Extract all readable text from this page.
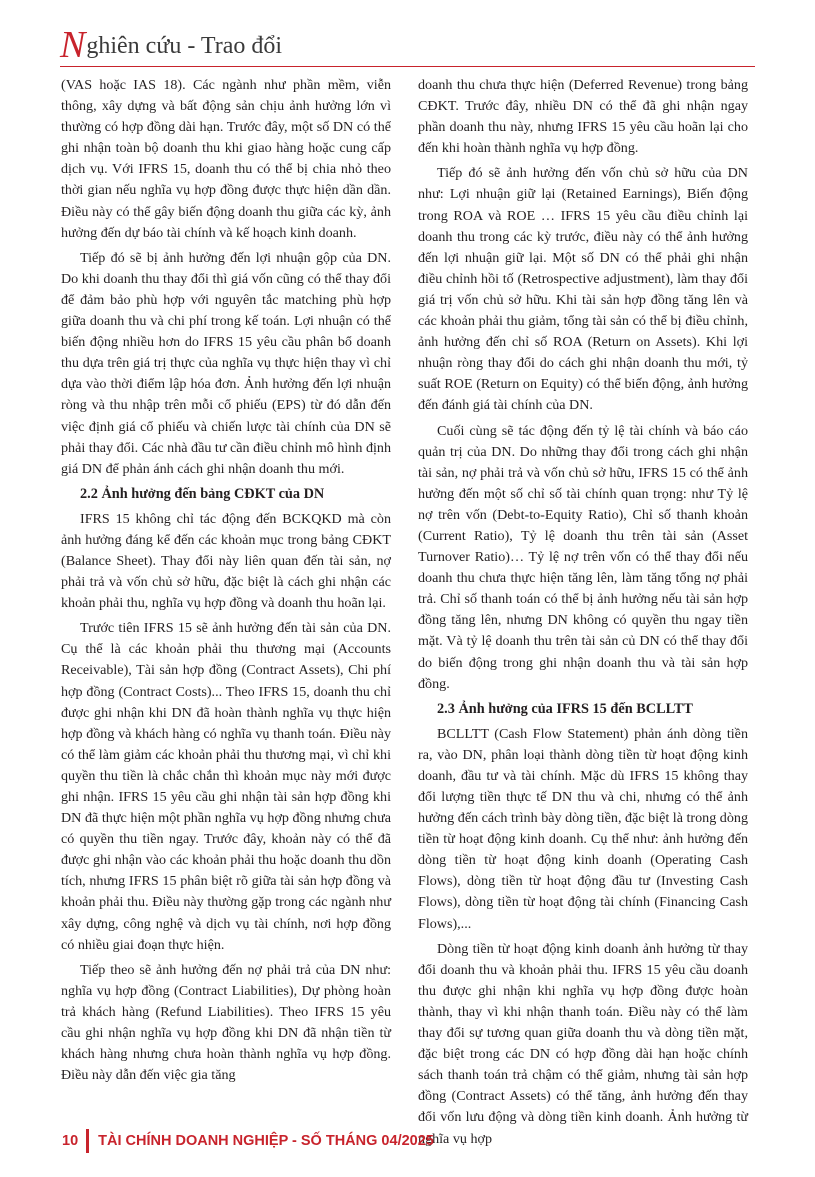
Nghiên cứu - Trao đổi

(VAS hoặc IAS 18). Các ngành như phần mềm, viễn thông, xây dựng và bất động sản chịu ảnh hưởng lớn vì thường có hợp đồng dài hạn. Trước đây, một số DN có thể ghi nhận toàn bộ doanh thu khi giao hàng hoặc cung cấp dịch vụ. Với IFRS 15, doanh thu có thể bị chia nhỏ theo thời gian nếu nghĩa vụ hợp đồng được thực hiện dần dần. Điều này có thể gây biến động doanh thu giữa các kỳ, ảnh hưởng đến dự báo tài chính và kế hoạch kinh doanh.

Tiếp đó sẽ bị ảnh hưởng đến lợi nhuận gộp của DN. Do khi doanh thu thay đổi thì giá vốn cũng có thể thay đổi để đảm bảo phù hợp với nguyên tắc matching phù hợp giữa doanh thu và chi phí trong kế toán. Lợi nhuận có thể biến động nhiều hơn do IFRS 15 yêu cầu phân bổ doanh thu dựa trên giá trị thực của nghĩa vụ thực hiện thay vì chỉ dựa vào thời điểm lập hóa đơn. Ảnh hưởng đến lợi nhuận ròng và thu nhập trên mỗi cổ phiếu (EPS) từ đó dẫn đến việc định giá cổ phiếu và chiến lược tài chính của DN sẽ phải thay đổi. Các nhà đầu tư cần điều chỉnh mô hình định giá DN để phản ánh cách ghi nhận doanh thu mới.

2.2 Ảnh hưởng đến bảng CĐKT của DN

IFRS 15 không chỉ tác động đến BCKQKD mà còn ảnh hưởng đáng kể đến các khoản mục trong bảng CĐKT (Balance Sheet). Thay đổi này liên quan đến tài sản, nợ phải trả và vốn chủ sở hữu, đặc biệt là cách ghi nhận các khoản phải thu, nghĩa vụ hợp đồng và doanh thu hoãn lại.

Trước tiên IFRS 15 sẽ ảnh hưởng đến tài sản của DN. Cụ thể là các khoản phải thu thương mại (Accounts Receivable), Tài sản hợp đồng (Contract Assets), Chi phí hợp đồng (Contract Costs)... Theo IFRS 15, doanh thu chỉ được ghi nhận khi DN đã hoàn thành nghĩa vụ thực hiện hợp đồng và khách hàng có nghĩa vụ thanh toán. Điều này có thể làm giảm các khoản phải thu thương mại, vì chỉ khi quyền thu tiền là chắc chắn thì khoản mục này mới được ghi nhận. IFRS 15 yêu cầu ghi nhận tài sản hợp đồng khi DN đã thực hiện một phần nghĩa vụ hợp đồng nhưng chưa có quyền thu tiền ngay. Trước đây, khoản này có thể đã được ghi nhận vào các khoản phải thu hoặc doanh thu dồn tích, nhưng IFRS 15 phân biệt rõ giữa tài sản hợp đồng và khoản phải thu. Điều này thường gặp trong các ngành như xây dựng, công nghệ và dịch vụ tài chính, nơi hợp đồng có nhiều giai đoạn thực hiện.

Tiếp theo sẽ ảnh hưởng đến nợ phải trả của DN như: nghĩa vụ hợp đồng (Contract Liabilities), Dự phòng hoàn trả khách hàng (Refund Liabilities). Theo IFRS 15 yêu cầu ghi nhận nghĩa vụ hợp đồng khi DN đã nhận tiền từ khách hàng nhưng chưa hoàn thành nghĩa vụ hợp đồng. Điều này dẫn đến việc gia tăng

doanh thu chưa thực hiện (Deferred Revenue) trong bảng CĐKT. Trước đây, nhiều DN có thể đã ghi nhận ngay phần doanh thu này, nhưng IFRS 15 yêu cầu hoãn lại cho đến khi hoàn thành nghĩa vụ hợp đồng.

Tiếp đó sẽ ảnh hưởng đến vốn chủ sở hữu của DN như: Lợi nhuận giữ lại (Retained Earnings), Biến động trong ROA và ROE … IFRS 15 yêu cầu điều chỉnh lại doanh thu trong các kỳ trước, điều này có thể ảnh hưởng đến lợi nhuận giữ lại. Một số DN có thể phải ghi nhận điều chỉnh hồi tố (Retrospective adjustment), làm thay đổi giá trị vốn chủ sở hữu. Khi tài sản hợp đồng tăng lên và các khoản phải thu giảm, tổng tài sản có thể bị điều chỉnh, ảnh hưởng đến chỉ số ROA (Return on Assets). Khi lợi nhuận ròng thay đổi do cách ghi nhận doanh thu mới, tỷ suất ROE (Return on Equity) có thể biến động, ảnh hưởng đến đánh giá tài chính của DN.

Cuối cùng sẽ tác động đến tỷ lệ tài chính và báo cáo quản trị của DN. Do những thay đổi trong cách ghi nhận tài sản, nợ phải trả và vốn chủ sở hữu, IFRS 15 có thể ảnh hưởng đến một số chỉ số tài chính quan trọng: như Tỷ lệ nợ trên vốn (Debt-to-Equity Ratio), Chỉ số thanh khoản (Current Ratio), Tỷ lệ doanh thu trên tài sản (Asset Turnover Ratio)… Tỷ lệ nợ trên vốn có thể thay đổi nếu doanh thu chưa thực hiện tăng lên, làm tăng tổng nợ phải trả. Chỉ số thanh toán có thể bị ảnh hưởng nếu tài sản hợp đồng tăng lên, nhưng DN không có quyền thu ngay tiền mặt. Và tỷ lệ doanh thu trên tài sản củ DN có thể thay đổi do biến động trong ghi nhận doanh thu và tài sản hợp đồng.

2.3 Ảnh hưởng của IFRS 15 đến BCLLTT

BCLLTT (Cash Flow Statement) phản ánh dòng tiền ra, vào DN, phân loại thành dòng tiền từ hoạt động kinh doanh, đầu tư và tài chính. Mặc dù IFRS 15 không thay đổi lượng tiền thực tế DN thu và chi, nhưng có thể ảnh hưởng đến cách trình bày dòng tiền, đặc biệt là trong dòng tiền từ hoạt động kinh doanh. Cụ thể như: ảnh hưởng đến dòng tiền từ hoạt động kinh doanh (Operating Cash Flows), dòng tiền từ hoạt động đầu tư (Investing Cash Flows), dòng tiền từ hoạt động tài chính (Financing Cash Flows),...

Dòng tiền từ hoạt động kinh doanh ảnh hưởng từ thay đổi doanh thu và khoản phải thu. IFRS 15 yêu cầu doanh thu được ghi nhận khi nghĩa vụ hợp đồng được hoàn thành, thay vì khi nhận thanh toán. Điều này có thể làm thay đổi sự tương quan giữa doanh thu và dòng tiền mặt, đặc biệt trong các DN có hợp đồng dài hạn hoặc chính sách thanh toán trả chậm có thể giảm, nhưng tài sản hợp đồng (Contract Assets) có thể tăng, ảnh hưởng đến thay đổi vốn lưu động và dòng tiền kinh doanh. Ảnh hưởng từ nghĩa vụ hợp

10 TÀI CHÍNH DOANH NGHIỆP - SỐ THÁNG 04/2025
